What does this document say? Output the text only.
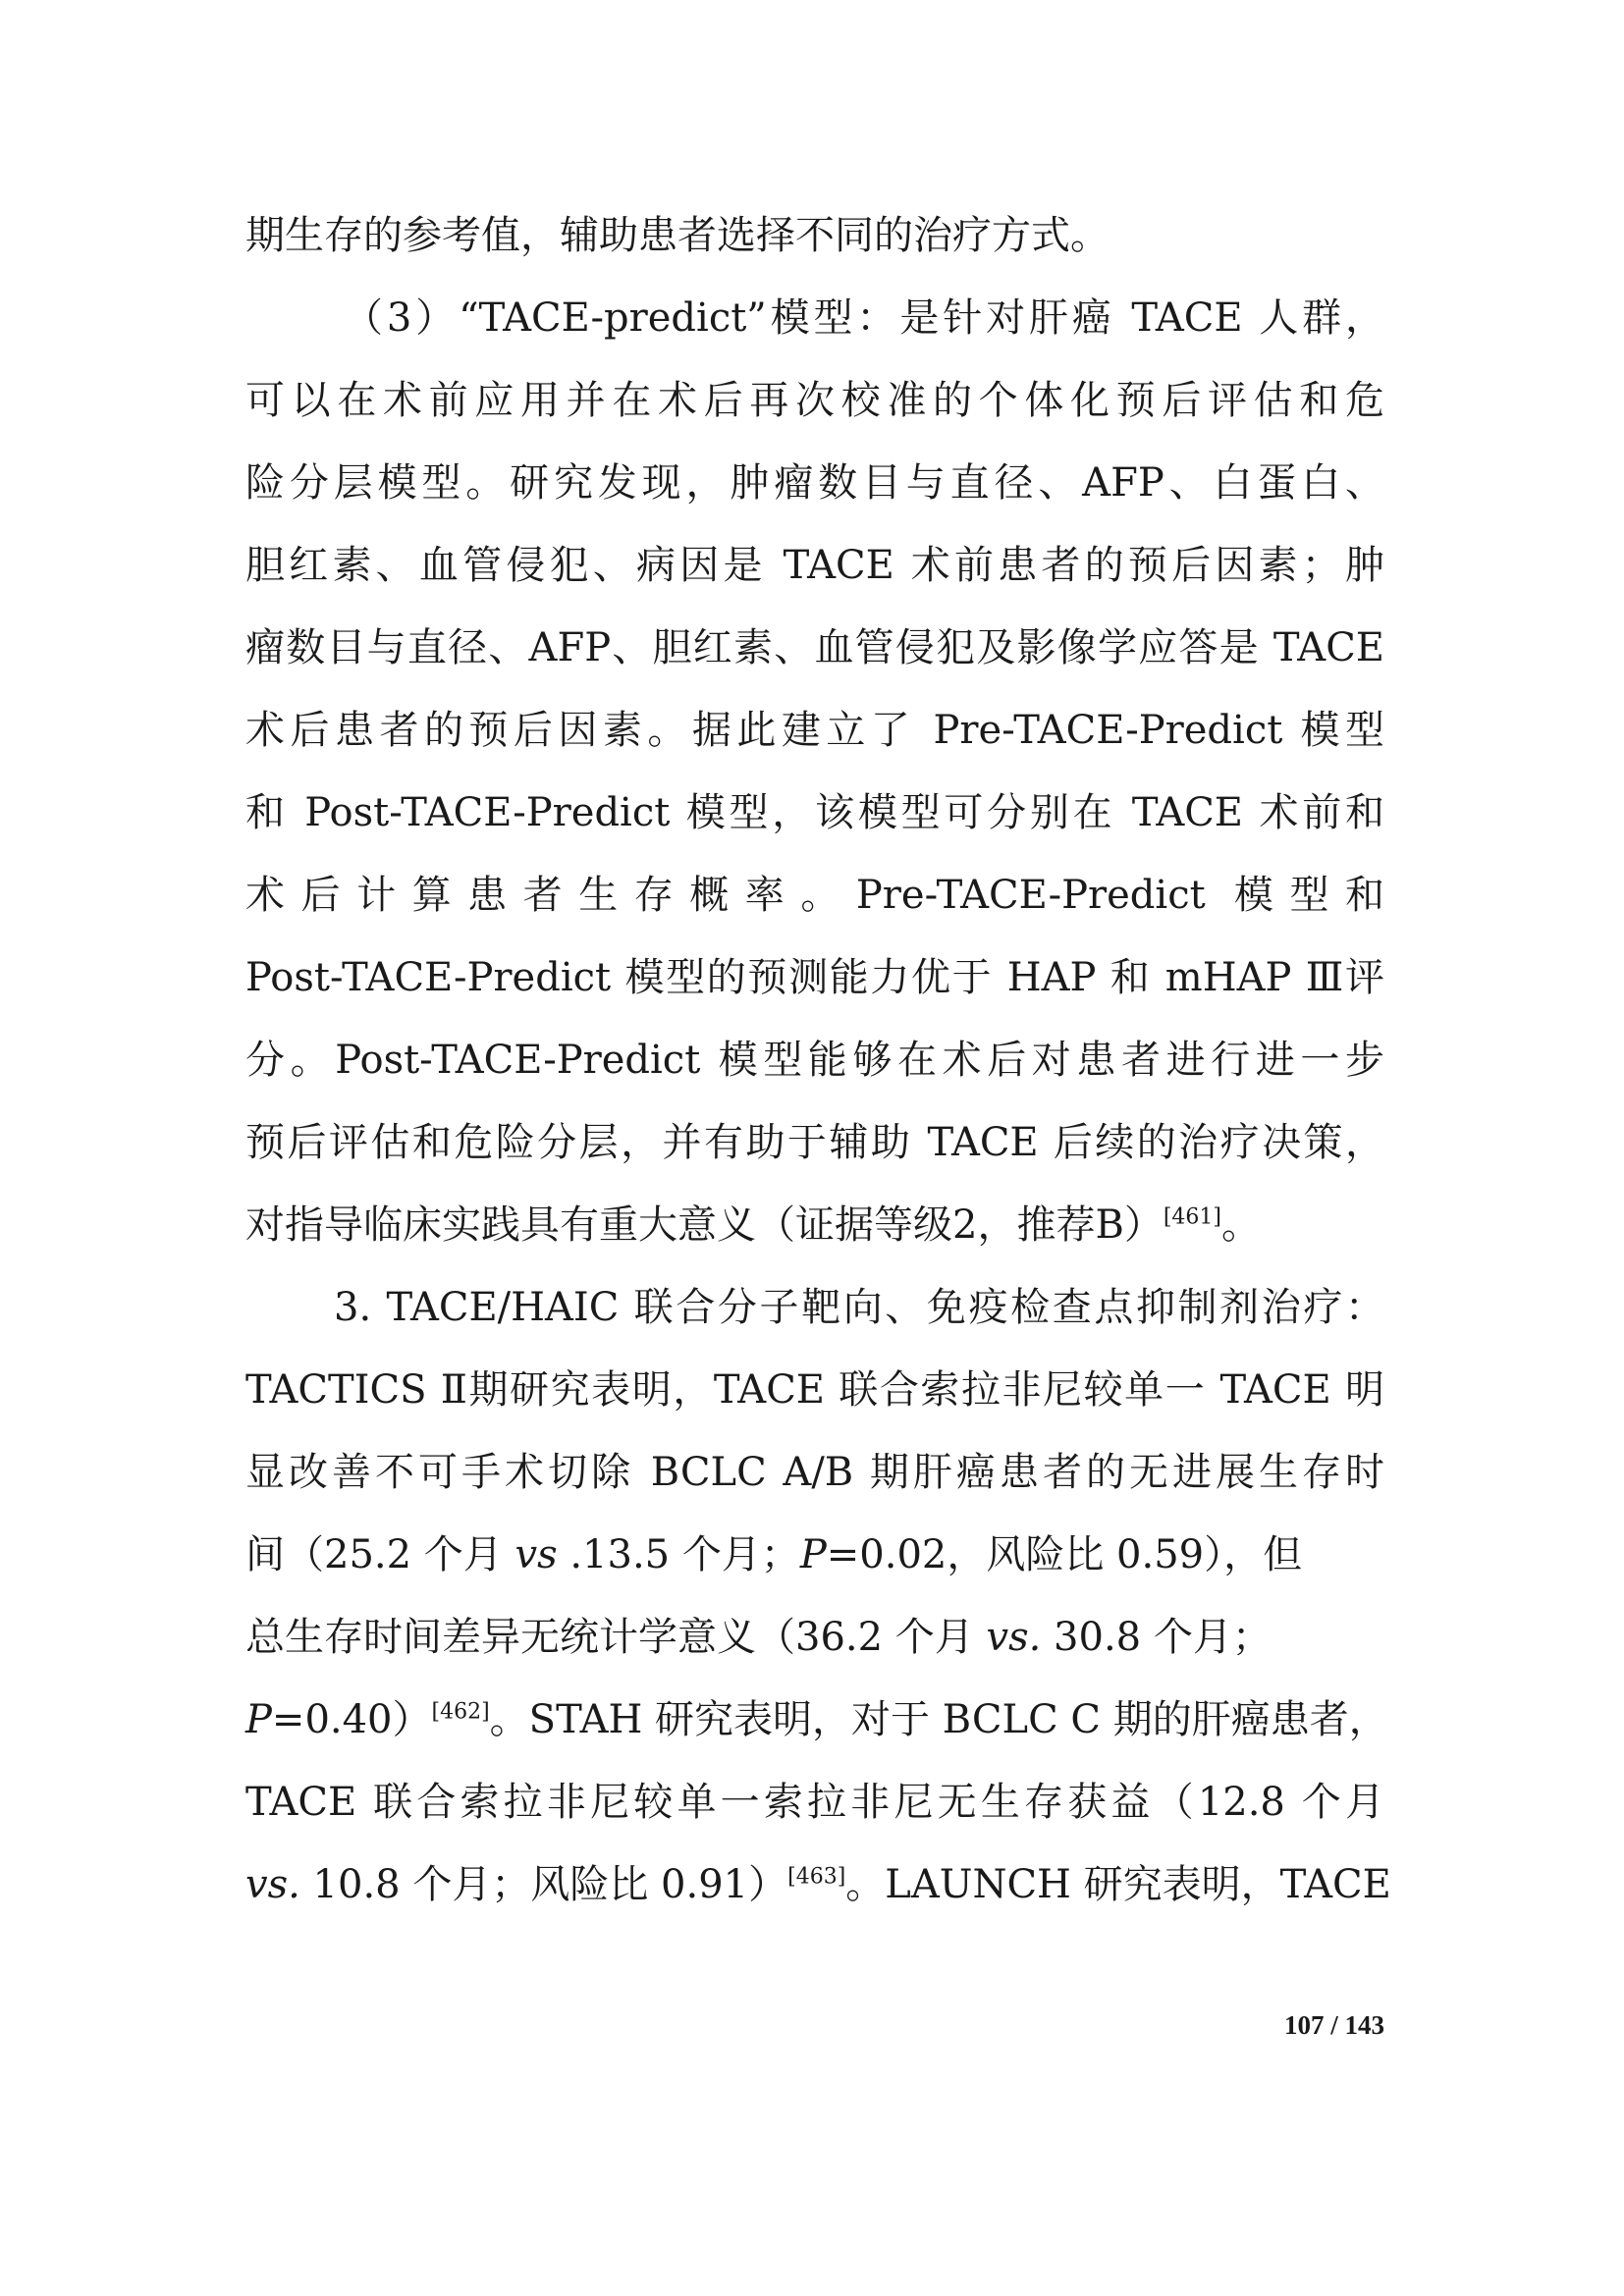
期生存的参考值，辅助患者选择不同的治疗方式。
（3）“TACE-predict”模型：是针对肝癌 TACE 人群，
可以在术前应用并在术后再次校准的个体化预后评估和危
险分层模型。研究发现，肿瘤数目与直径、AFP、白蛋白、
胆红素、血管侵犯、病因是 TACE 术前患者的预后因素；肿
瘤数目与直径、AFP、胆红素、血管侵犯及影像学应答是 TACE
术后患者的预后因素。据此建立了 Pre-TACE-Predict 模型
和 Post-TACE-Predict 模型，该模型可分别在 TACE 术前和
术后计算患者生存概率。Pre-TACE-Predict 模型和
Post-TACE-Predict 模型的预测能力优于 HAP 和 mHAP Ⅲ评
分。Post-TACE-Predict 模型能够在术后对患者进行进一步
预后评估和危险分层，并有助于辅助 TACE 后续的治疗决策，
对指导临床实践具有重大意义（证据等级2，推荐B）[461]。
3. TACE/HAIC 联合分子靶向、免疫检查点抑制剂治疗：
TACTICS Ⅱ期研究表明，TACE 联合索拉非尼较单一 TACE 明
显改善不可手术切除 BCLC A/B 期肝癌患者的无进展生存时
间（25.2 个月 vs .13.5 个月；P=0.02，风险比 0.59），但
总生存时间差异无统计学意义（36.2 个月 vs. 30.8 个月；
P=0.40）[462]。STAH 研究表明，对于 BCLC C 期的肝癌患者，
TACE 联合索拉非尼较单一索拉非尼无生存获益（12.8 个月
vs. 10.8 个月；风险比 0.91）[463]。LAUNCH 研究表明，TACE
107 / 143
